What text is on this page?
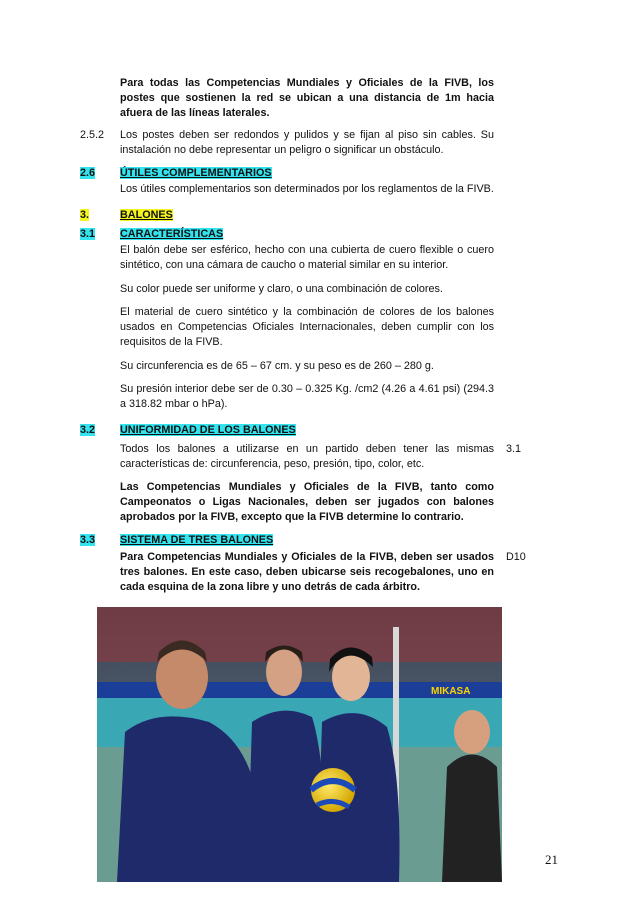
Para todas las Competencias Mundiales y Oficiales de la FIVB, los postes que sostienen la red se ubican a una distancia de 1m hacia afuera de las líneas laterales.
2.5.2 Los postes deben ser redondos y pulidos y se fijan al piso sin cables. Su instalación no debe representar un peligro o significar un obstáculo.
2.6 ÚTILES COMPLEMENTARIOS
Los útiles complementarios son determinados por los reglamentos de la FIVB.
3.	BALONES
3.1 CARACTERÍSTICAS
El balón debe ser esférico, hecho con una cubierta de cuero flexible o cuero sintético, con una cámara de caucho o material similar en su interior.
Su color puede ser uniforme y claro, o una combinación de colores.
El material de cuero sintético y la combinación de colores de los balones usados en Competencias Oficiales Internacionales, deben cumplir con los requisitos de la FIVB.
Su circunferencia es de 65 – 67 cm. y su peso es de 260 – 280 g.
Su presión interior debe ser de 0.30 – 0.325 Kg. /cm2 (4.26 a 4.61 psi) (294.3 a 318.82 mbar o hPa).
3.2 UNIFORMIDAD DE LOS BALONES
Todos los balones a utilizarse en un partido deben tener las mismas características de: circunferencia, peso, presión, tipo, color, etc.
3.1
Las Competencias Mundiales y Oficiales de la FIVB, tanto como Campeonatos o Ligas Nacionales, deben ser jugados con balones aprobados por la FIVB, excepto que la FIVB determine lo contrario.
3.3 SISTEMA DE TRES BALONES
Para Competencias Mundiales y Oficiales de la FIVB, deben ser usados tres balones. En este caso, deben ubicarse seis recogebalones, uno en cada esquina de la zona libre y uno detrás de cada árbitro.
D10
MIKASA
21
